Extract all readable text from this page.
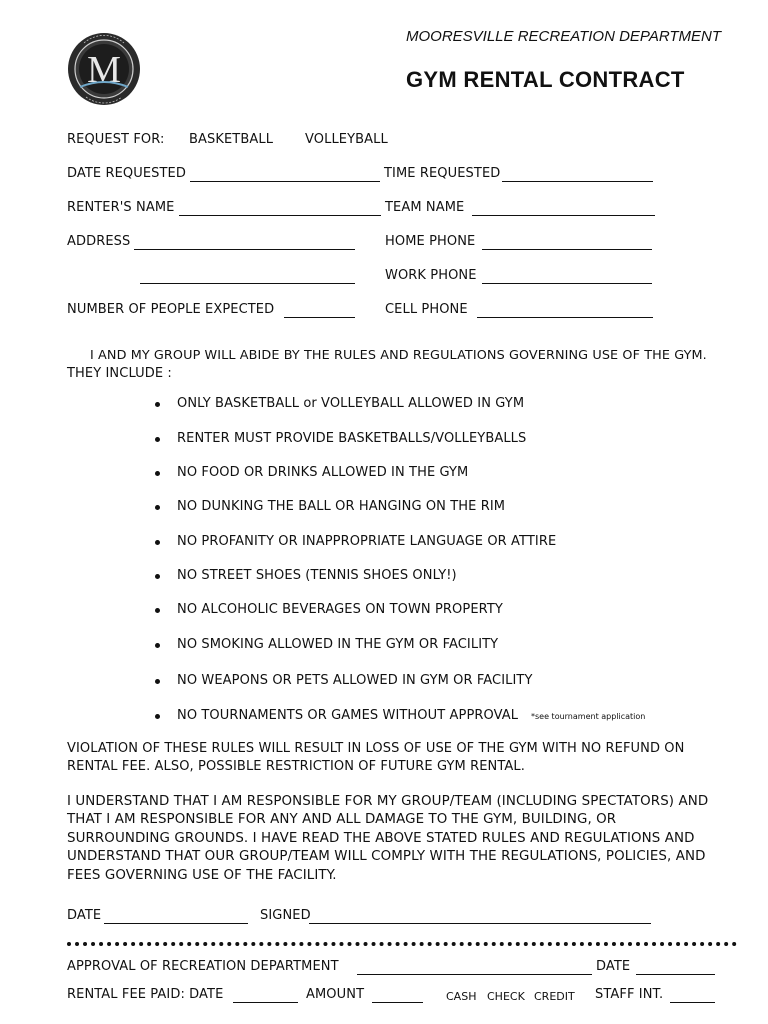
M
MOORESVILLE RECREATION DEPARTMENT
GYM RENTAL CONTRACT
REQUEST FOR: BASKETBALL VOLLEYBALL
DATE REQUESTED	TIME REQUESTED
RENTER'S NAME	TEAM NAME
ADDRESS	HOME PHONE
WORK PHONE
NUMBER OF PEOPLE EXPECTED	CELL PHONE
I AND MY GROUP WILL ABIDE BY THE RULES AND REGULATIONS GOVERNING USE OF THE GYM.
THEY INCLUDE :
ONLY BASKETBALL or VOLLEYBALL ALLOWED IN GYM
RENTER MUST PROVIDE BASKETBALLS/VOLLEYBALLS
NO FOOD OR DRINKS ALLOWED IN THE GYM
NO DUNKING THE BALL OR HANGING ON THE RIM
NO PROFANITY OR INAPPROPRIATE LANGUAGE OR ATTIRE
NO STREET SHOES (TENNIS SHOES ONLY!)
NO ALCOHOLIC BEVERAGES ON TOWN PROPERTY
NO SMOKING ALLOWED IN THE GYM OR FACILITY
NO WEAPONS OR PETS ALLOWED IN GYM OR FACILITY
NO TOURNAMENTS OR GAMES WITHOUT APPROVAL *see tournament application
VIOLATION OF THESE RULES WILL RESULT IN LOSS OF USE OF THE GYM WITH NO REFUND ON
RENTAL FEE. ALSO, POSSIBLE RESTRICTION OF FUTURE GYM RENTAL.
I UNDERSTAND THAT I AM RESPONSIBLE FOR MY GROUP/TEAM (INCLUDING SPECTATORS) AND
THAT I AM RESPONSIBLE FOR ANY AND ALL DAMAGE TO THE GYM, BUILDING, OR
SURROUNDING GROUNDS. I HAVE READ THE ABOVE STATED RULES AND REGULATIONS AND
UNDERSTAND THAT OUR GROUP/TEAM WILL COMPLY WITH THE REGULATIONS, POLICIES, AND
FEES GOVERNING USE OF THE FACILITY.
DATE	SIGNED
APPROVAL OF RECREATION DEPARTMENT	DATE
RENTAL FEE PAID: DATE	AMOUNT	CASH CHECK CREDIT STAFF INT.
